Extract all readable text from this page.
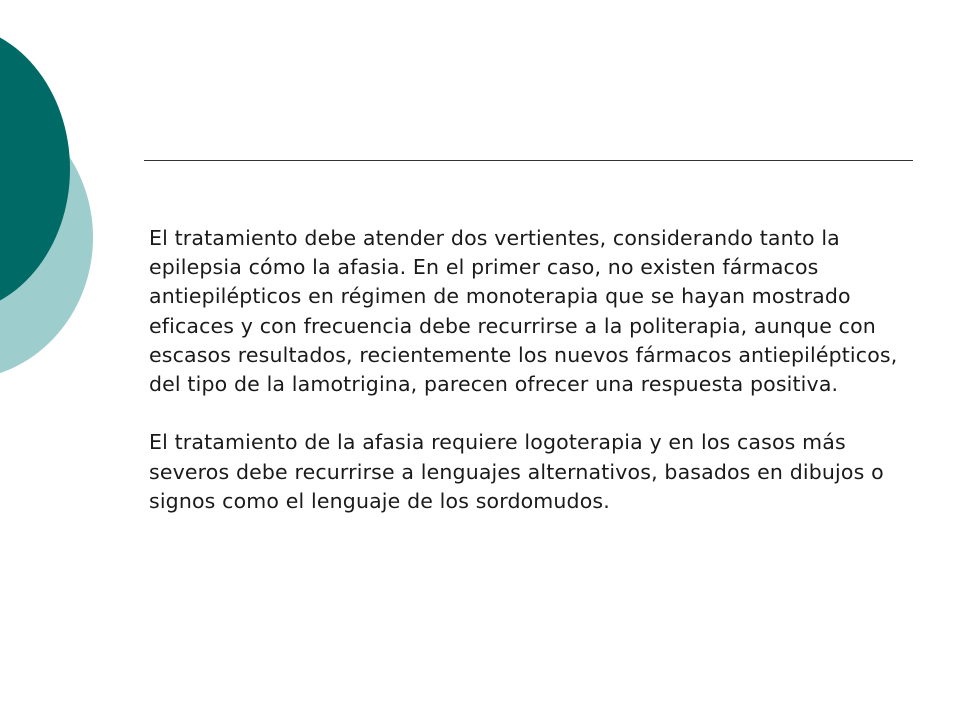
El tratamiento debe atender dos vertientes, considerando tanto la epilepsia cómo la afasia. En el primer caso, no existen fármacos antiepilépticos en régimen de monoterapia que se hayan mostrado eficaces y con frecuencia debe recurrirse a la politerapia, aunque con escasos resultados, recientemente los nuevos fármacos antiepilépticos, del tipo de la lamotrigina, parecen ofrecer una respuesta positiva.

El tratamiento de la afasia requiere logoterapia y en los casos más severos debe recurrirse a lenguajes alternativos, basados en dibujos o signos como el lenguaje de los sordomudos.
